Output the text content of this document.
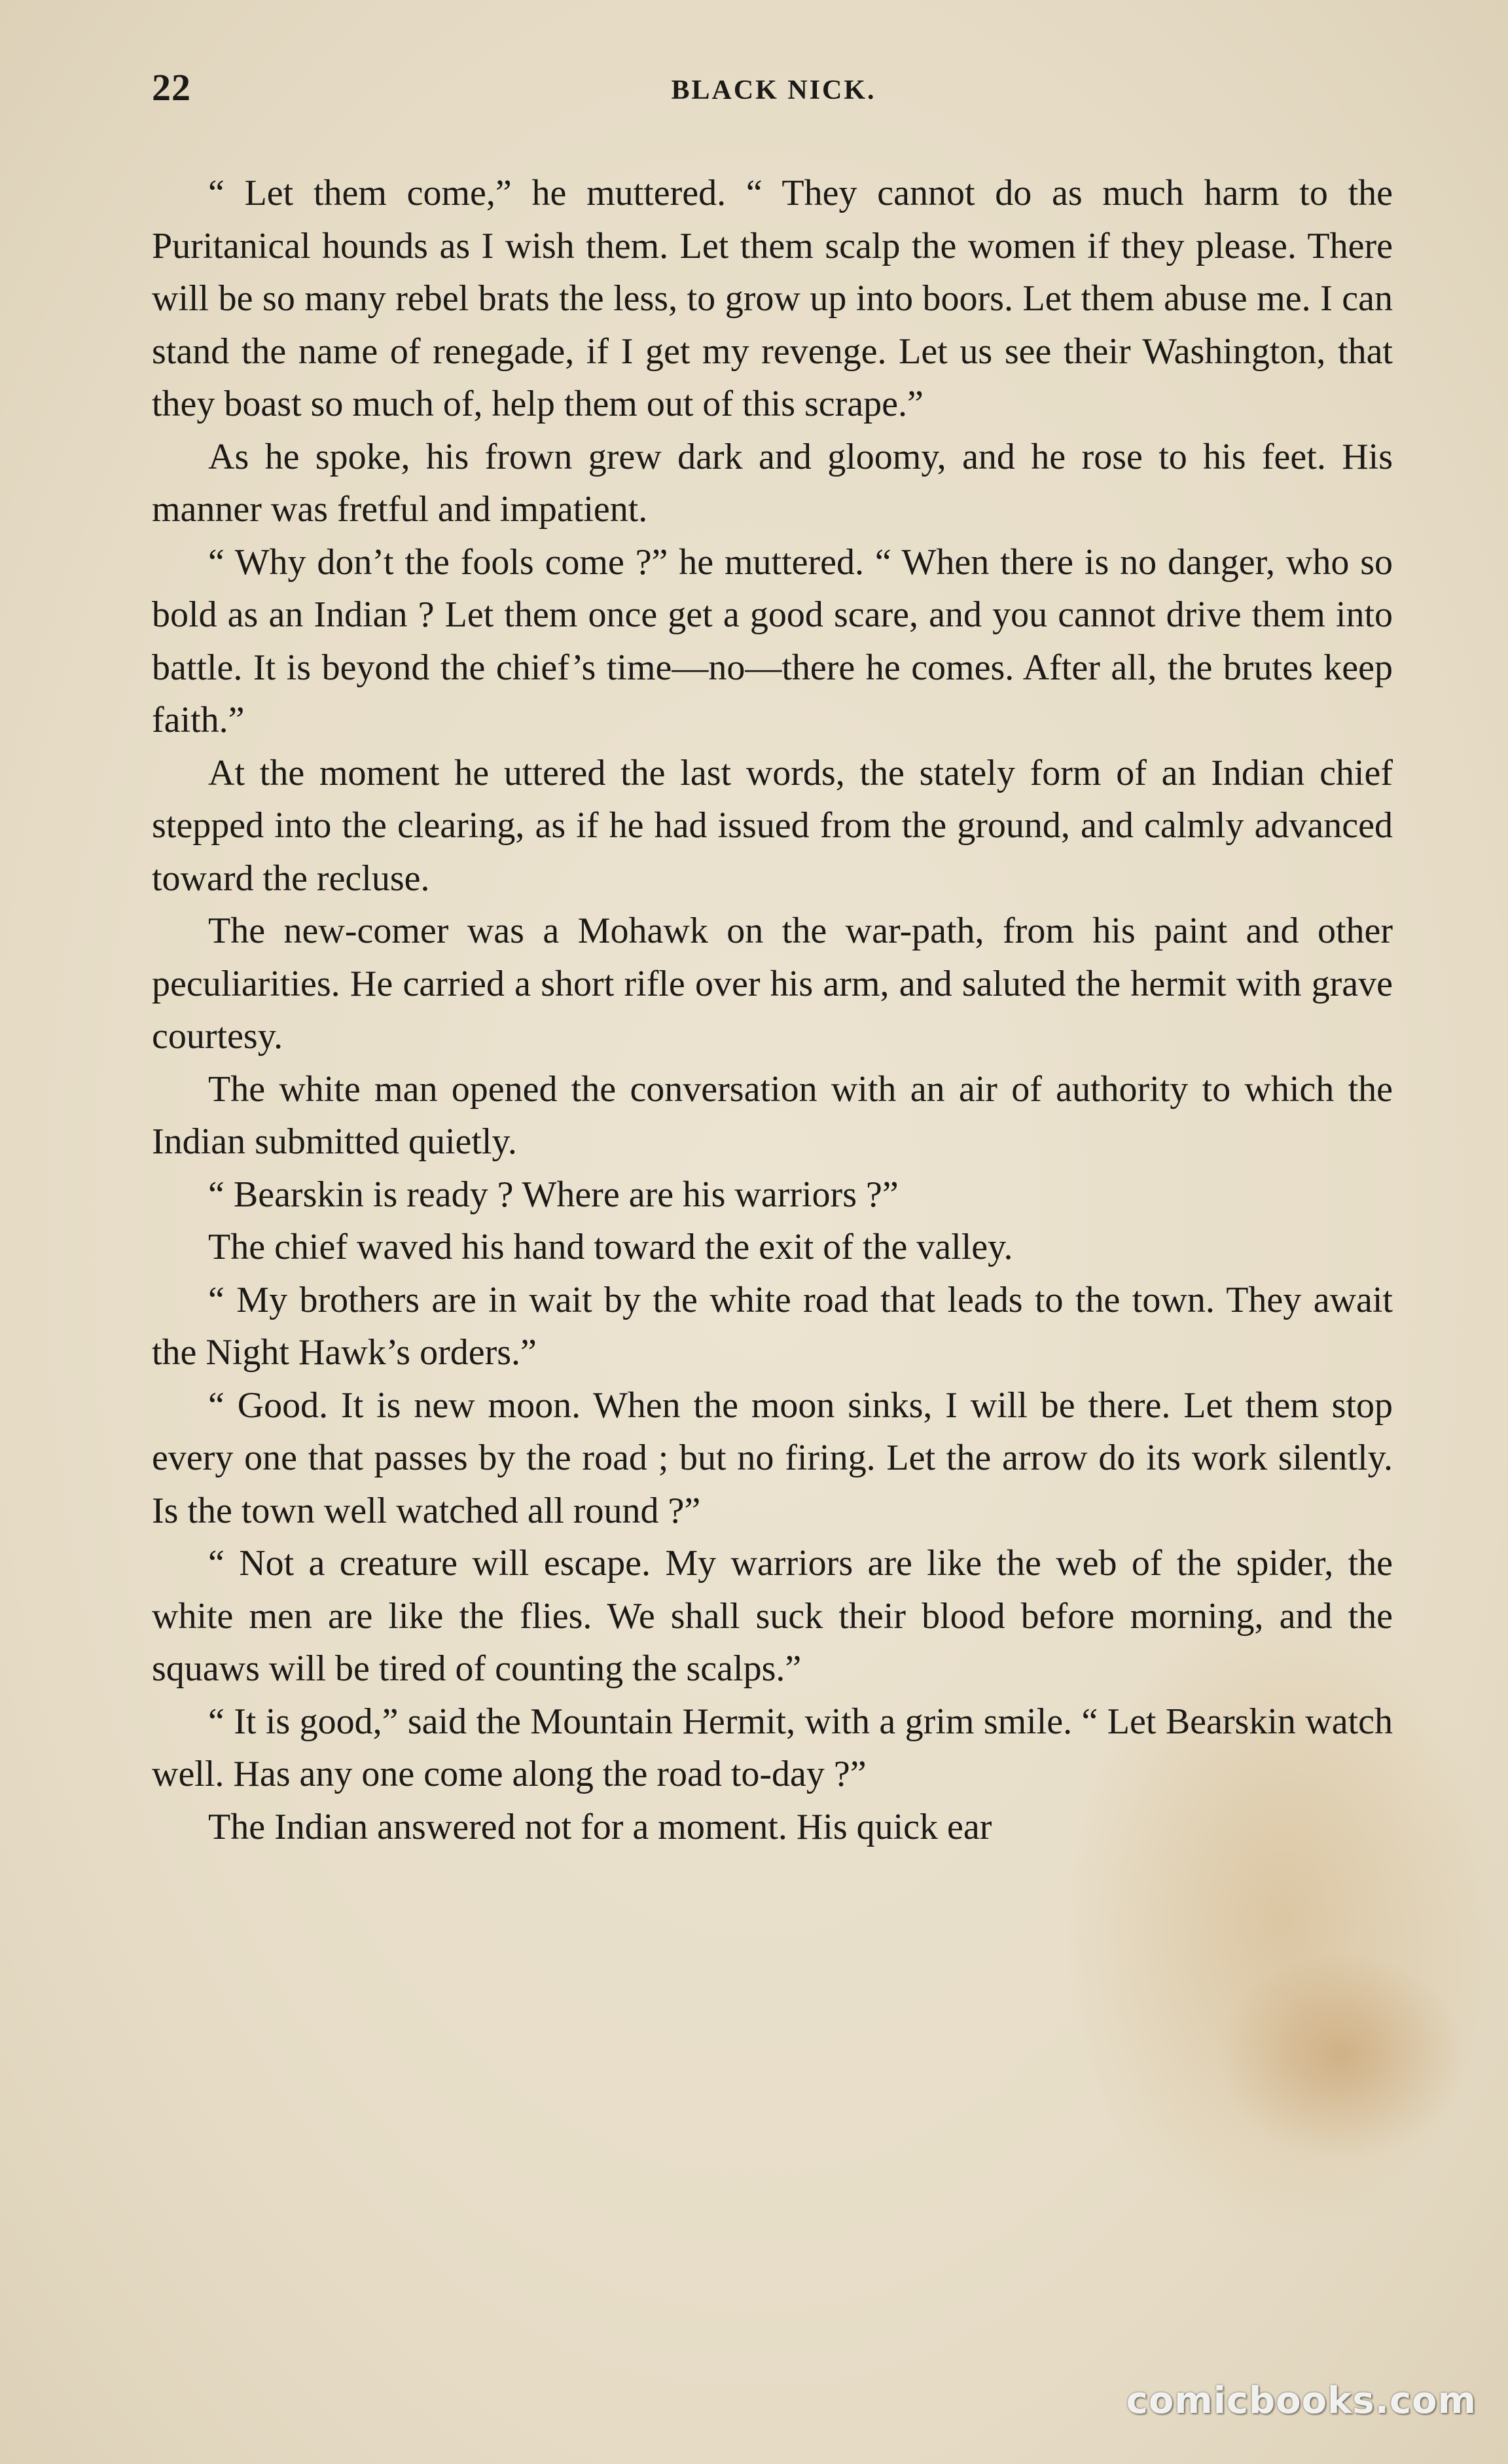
22	BLACK NICK.

“ Let them come,” he muttered. “ They cannot do as much harm to the Puritanical hounds as I wish them. Let them scalp the women if they please. There will be so many rebel brats the less, to grow up into boors. Let them abuse me. I can stand the name of renegade, if I get my revenge. Let us see their Washington, that they boast so much of, help them out of this scrape.”

As he spoke, his frown grew dark and gloomy, and he rose to his feet. His manner was fretful and impatient.

“ Why don’t the fools come ?” he muttered. “ When there is no danger, who so bold as an Indian ? Let them once get a good scare, and you cannot drive them into battle. It is beyond the chief’s time—no—there he comes. After all, the brutes keep faith.”

At the moment he uttered the last words, the stately form of an Indian chief stepped into the clearing, as if he had issued from the ground, and calmly advanced toward the recluse.

The new-comer was a Mohawk on the war-path, from his paint and other peculiarities. He carried a short rifle over his arm, and saluted the hermit with grave courtesy.

The white man opened the conversation with an air of authority to which the Indian submitted quietly.

“ Bearskin is ready ? Where are his warriors ?”

The chief waved his hand toward the exit of the valley.

“ My brothers are in wait by the white road that leads to the town. They await the Night Hawk’s orders.”

“ Good. It is new moon. When the moon sinks, I will be there. Let them stop every one that passes by the road ; but no firing. Let the arrow do its work silently. Is the town well watched all round ?”

“ Not a creature will escape. My warriors are like the web of the spider, the white men are like the flies. We shall suck their blood before morning, and the squaws will be tired of counting the scalps.”

“ It is good,” said the Mountain Hermit, with a grim smile. “ Let Bearskin watch well. Has any one come along the road to-day ?”

The Indian answered not for a moment. His quick ear

comicbooks.com
